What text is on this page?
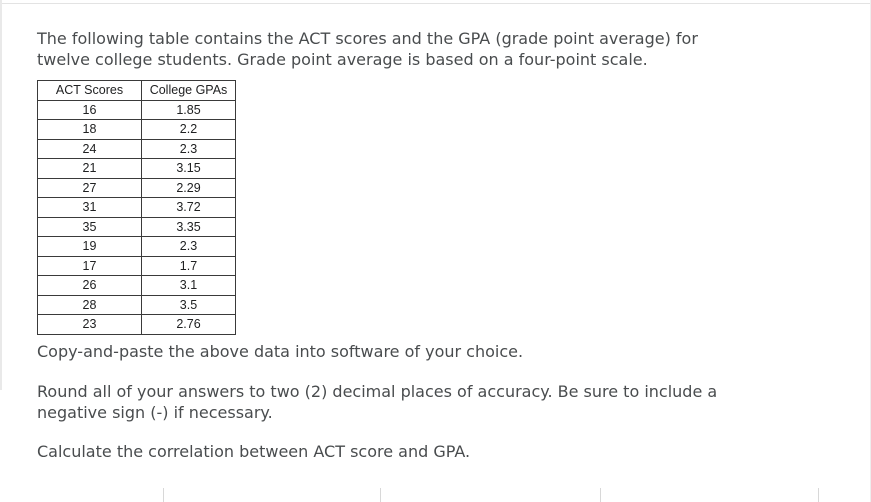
The following table contains the ACT scores and the GPA (grade point average) for twelve college students. Grade point average is based on a four-point scale.

ACT Scores	College GPAs
16	1.85
18	2.2
24	2.3
21	3.15
27	2.29
31	3.72
35	3.35
19	2.3
17	1.7
26	3.1
28	3.5
23	2.76

Copy-and-paste the above data into software of your choice.

Round all of your answers to two (2) decimal places of accuracy. Be sure to include a negative sign (-) if necessary.

Calculate the correlation between ACT score and GPA.
